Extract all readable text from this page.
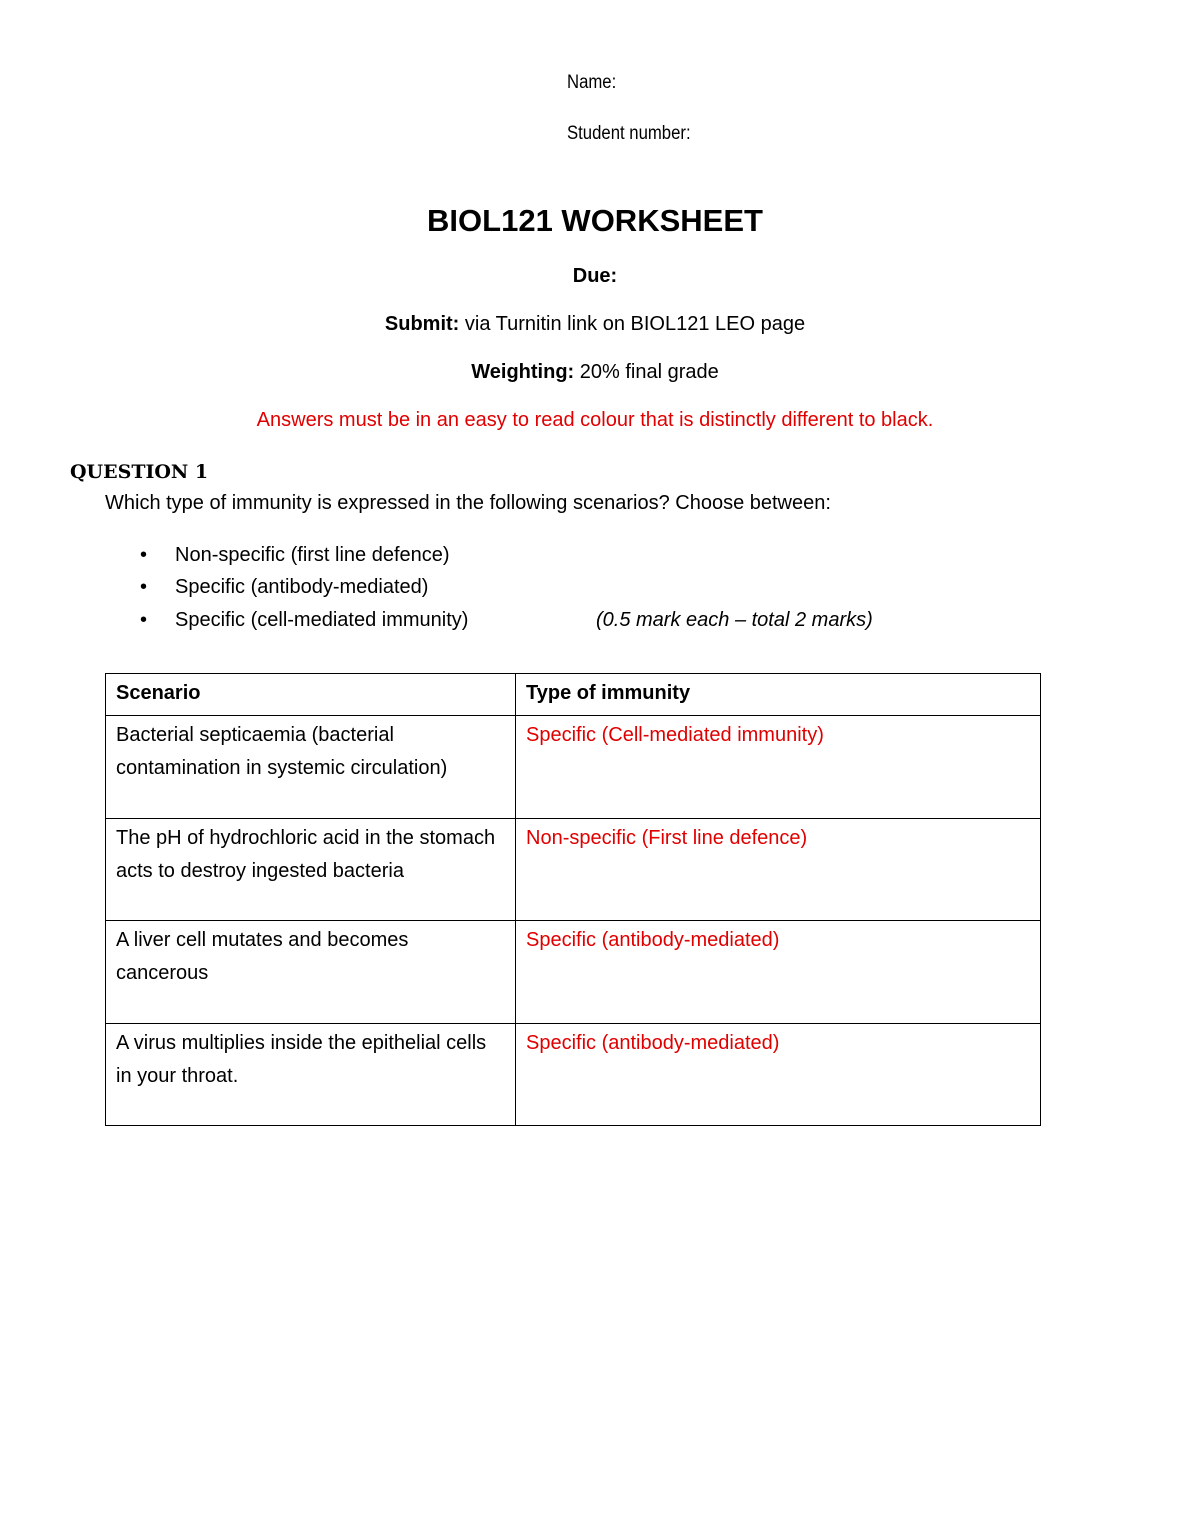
Name:
Student number:
BIOL121 WORKSHEET
Due:
Submit: via Turnitin link on BIOL121 LEO page
Weighting: 20% final grade
Answers must be in an easy to read colour that is distinctly different to black.
QUESTION 1
Which type of immunity is expressed in the following scenarios? Choose between:
• Non-specific (first line defence)
• Specific (antibody-mediated)
• Specific (cell-mediated immunity)	(0.5 mark each – total 2 marks)
Scenario	Type of immunity
Bacterial septicaemia (bacterial contamination in systemic circulation)	Specific (Cell-mediated immunity)
The pH of hydrochloric acid in the stomach acts to destroy ingested bacteria	Non-specific (First line defence)
A liver cell mutates and becomes cancerous	Specific (antibody-mediated)
A virus multiplies inside the epithelial cells in your throat.	Specific (antibody-mediated)
